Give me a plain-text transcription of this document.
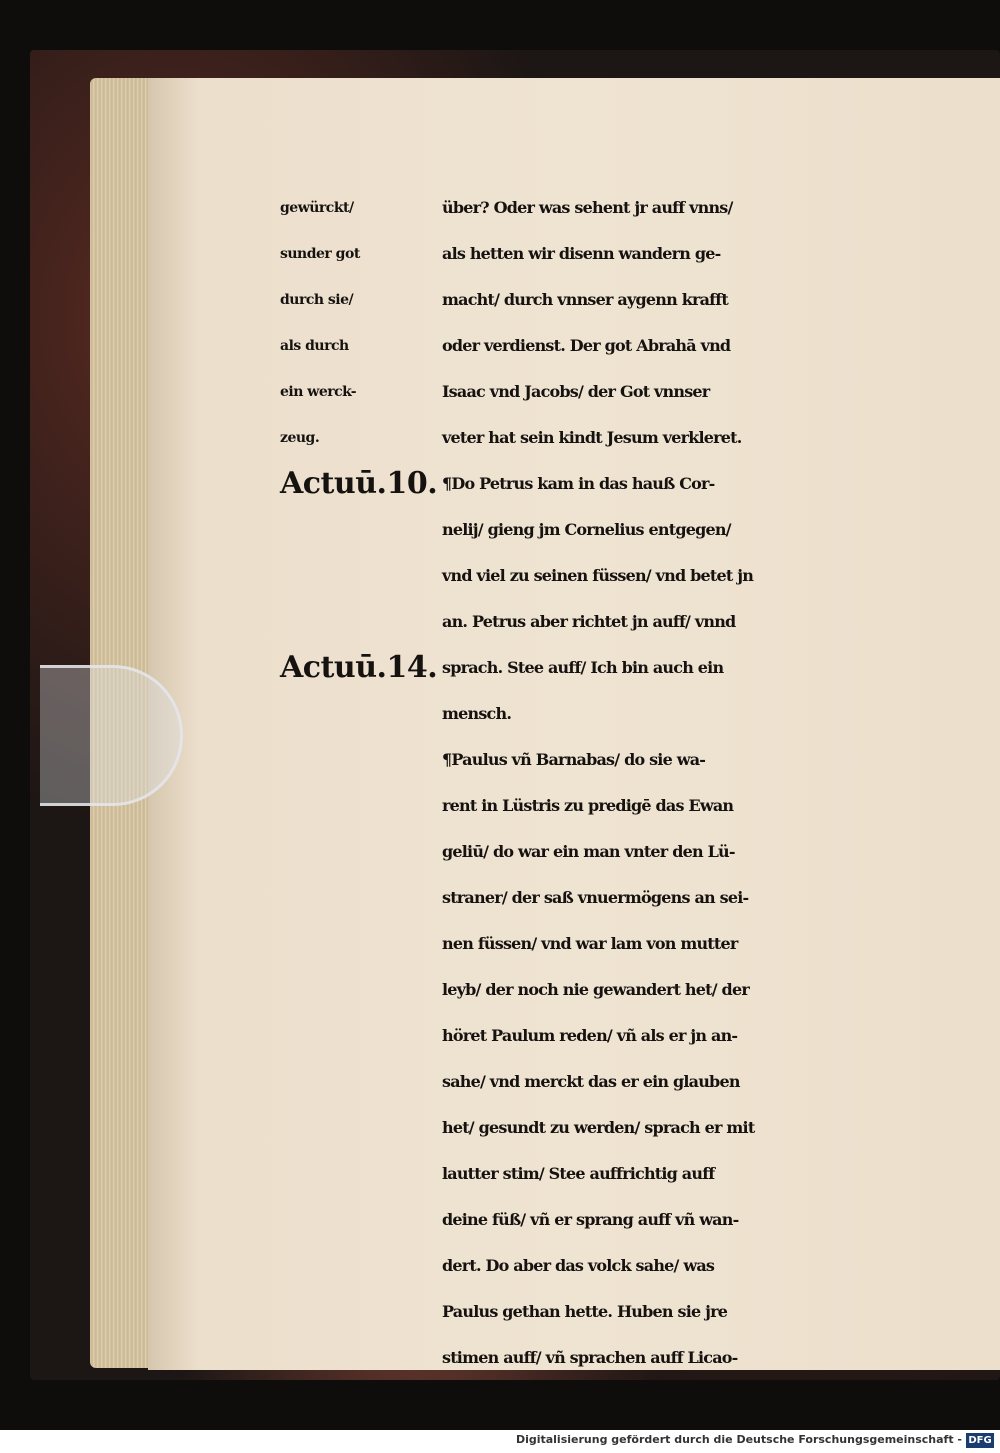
gewürckt/
sunder got
durch sie/
als durch
ein werck-
zeug.
Actuū.10.
Actuū.14.
über? Oder was sehent jr auff vnns/
als hetten wir disenn wandern ge-
macht/ durch vnnser aygenn krafft
oder verdienst. Der got Abrahā vnd
Isaac vnd Jacobs/ der Got vnnser
veter hat sein kindt Jesum verkleret.
¶Do Petrus kam in das hauß Cor-
nelij/ gieng jm Cornelius entgegen/
vnd viel zu seinen füssen/ vnd betet jn
an. Petrus aber richtet jn auff/ vnnd
sprach. Stee auff/ Ich bin auch ein
mensch.
¶Paulus vñ Barnabas/ do sie wa-
rent in Lüstris zu predigē das Ewan
geliū/ do war ein man vnter den Lü-
straner/ der saß vnuermögens an sei-
nen füssen/ vnd war lam von mutter
leyb/ der noch nie gewandert het/ der
höret Paulum reden/ vñ als er jn an-
sahe/ vnd merckt das er ein glauben
het/ gesundt zu werden/ sprach er mit
lautter stim/ Stee auffrichtig auff
deine füß/ vñ er sprang auff vñ wan-
dert. Do aber das volck sahe/ was
Paulus gethan hette. Huben sie jre
stimen auff/ vñ sprachen auff Licao-
Digitalisierung gefördert durch die Deutsche Forschungsgemeinschaft - DFG
